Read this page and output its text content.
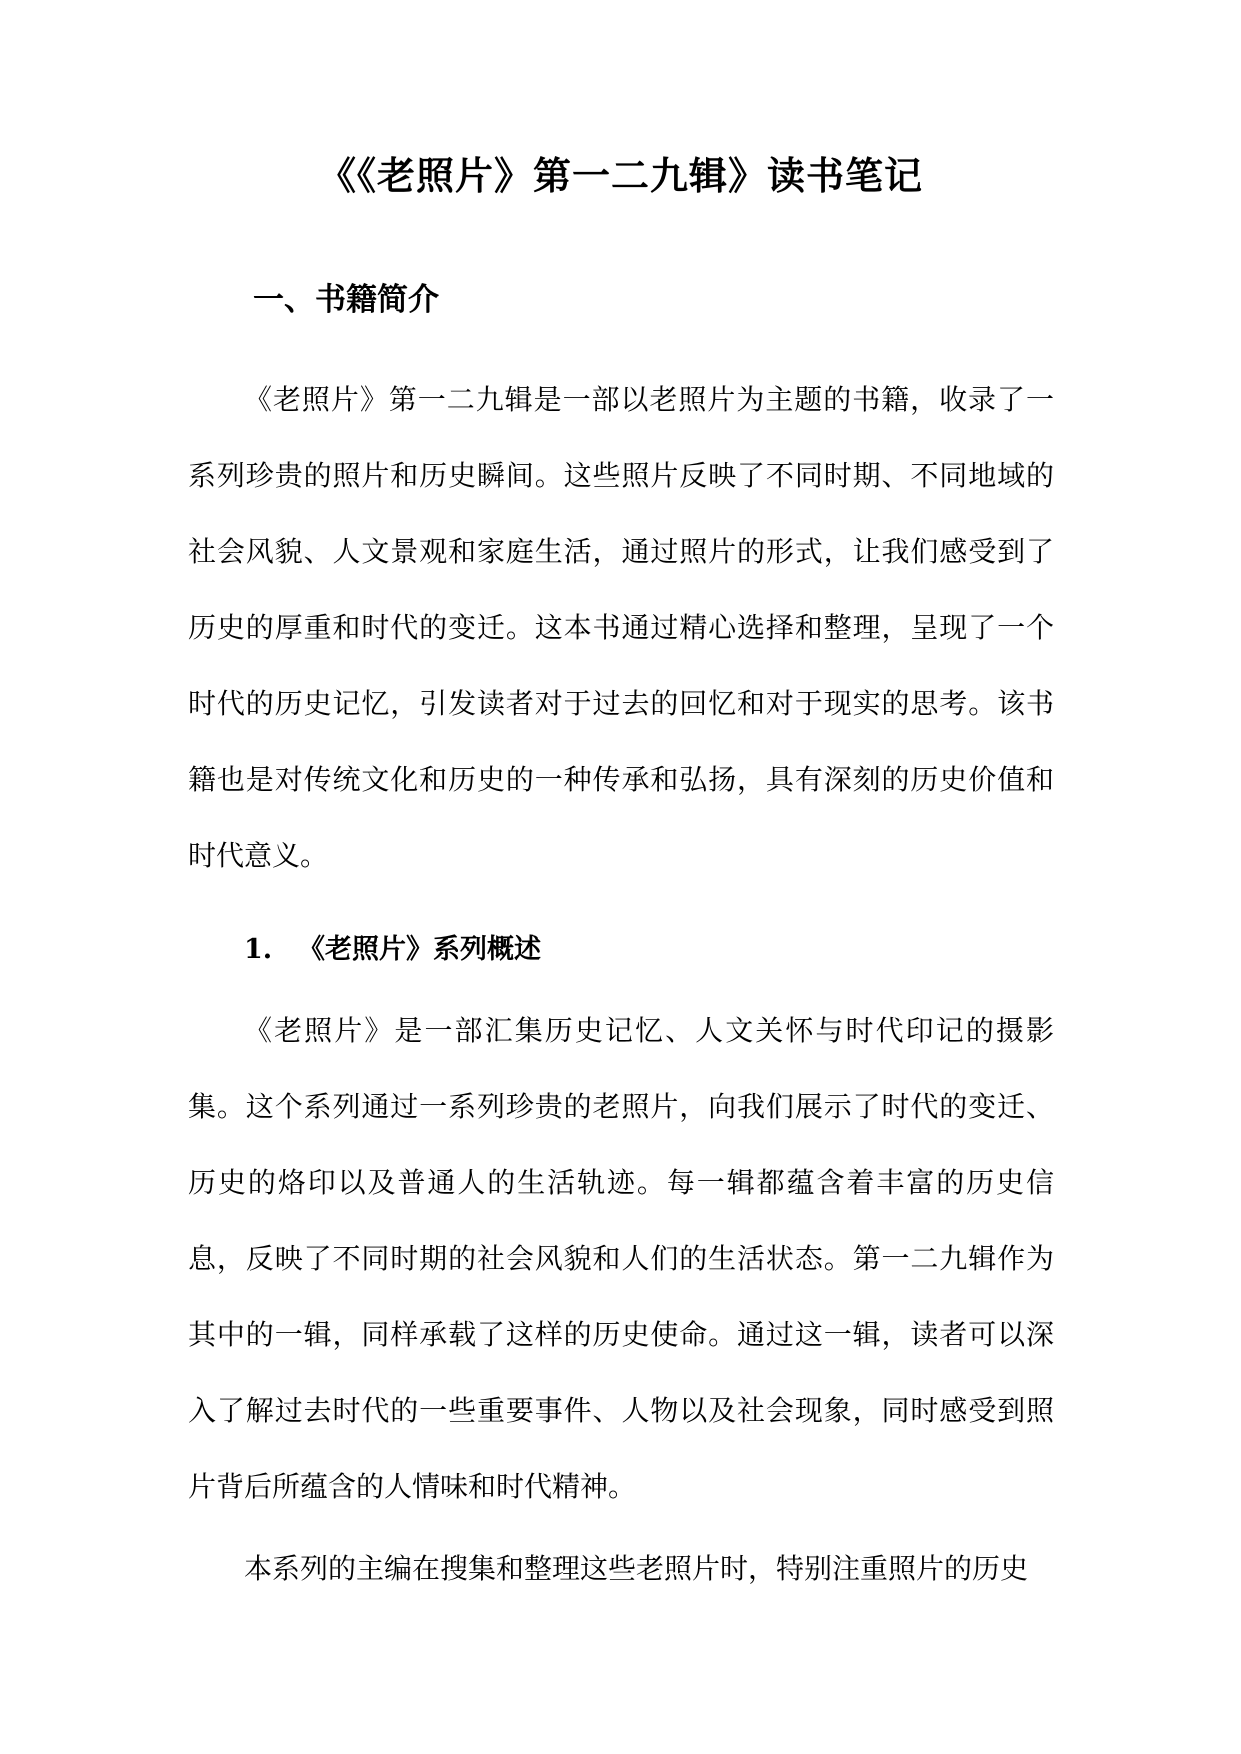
《《老照片》第一二九辑》读书笔记
一、书籍简介

《老照片》第一二九辑是一部以老照片为主题的书籍，收录了一系列珍贵的照片和历史瞬间。这些照片反映了不同时期、不同地域的社会风貌、人文景观和家庭生活，通过照片的形式，让我们感受到了历史的厚重和时代的变迁。这本书通过精心选择和整理，呈现了一个时代的历史记忆，引发读者对于过去的回忆和对于现实的思考。该书籍也是对传统文化和历史的一种传承和弘扬，具有深刻的历史价值和时代意义。

1. 《老照片》系列概述

《老照片》是一部汇集历史记忆、人文关怀与时代印记的摄影集。这个系列通过一系列珍贵的老照片，向我们展示了时代的变迁、历史的烙印以及普通人的生活轨迹。每一辑都蕴含着丰富的历史信息，反映了不同时期的社会风貌和人们的生活状态。第一二九辑作为其中的一辑，同样承载了这样的历史使命。通过这一辑，读者可以深入了解过去时代的一些重要事件、人物以及社会现象，同时感受到照片背后所蕴含的人情味和时代精神。

本系列的主编在搜集和整理这些老照片时，特别注重照片的历史
